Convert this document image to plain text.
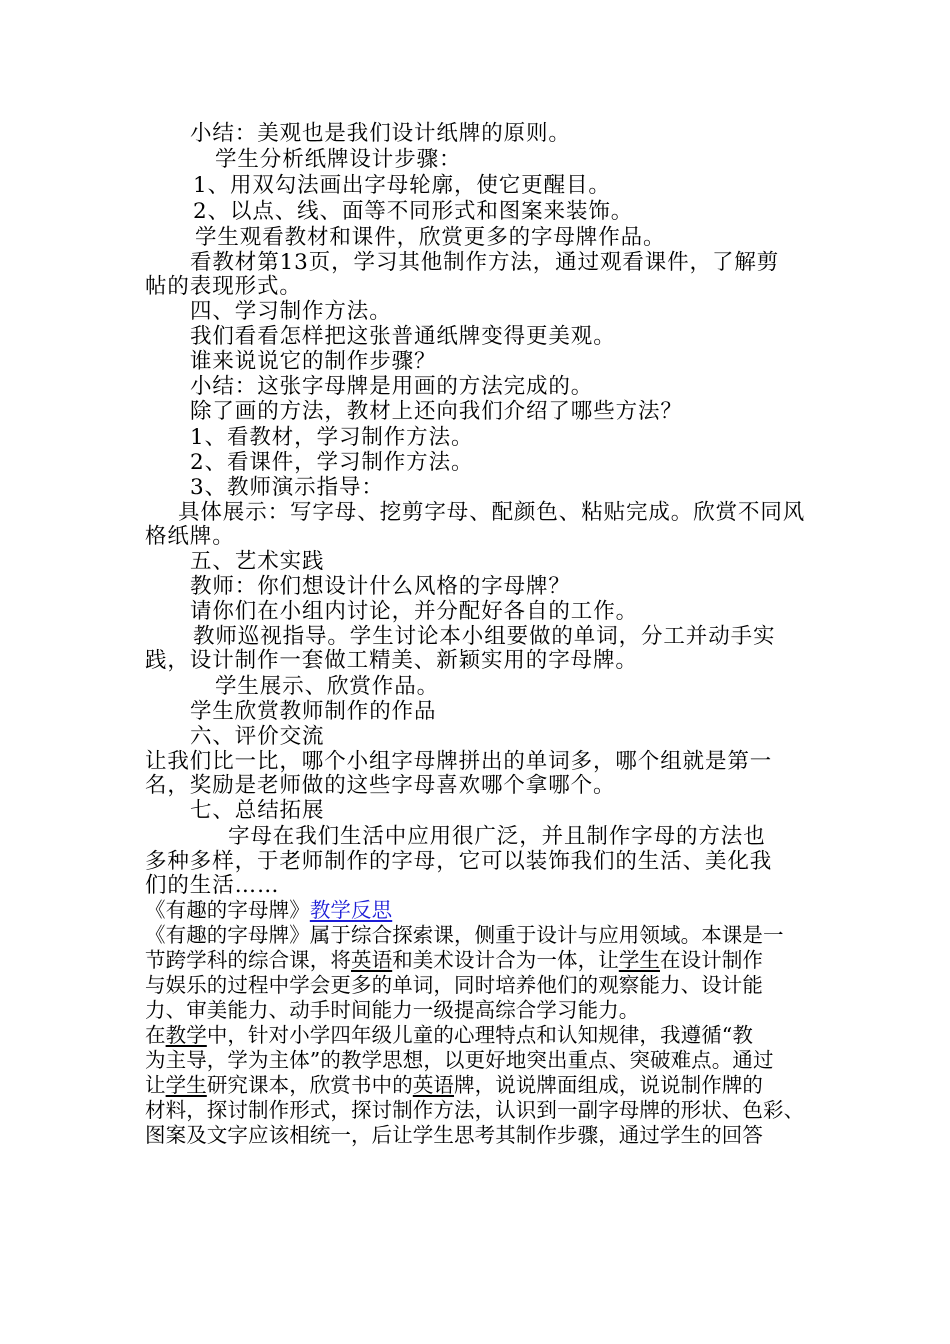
小结：美观也是我们设计纸牌的原则。
学生分析纸牌设计步骤：
1、用双勾法画出字母轮廓，使它更醒目。
2、以点、线、面等不同形式和图案来装饰。
学生观看教材和课件，欣赏更多的字母牌作品。
看教材第13页，学习其他制作方法，通过观看课件，了解剪
帖的表现形式。
四、学习制作方法。
我们看看怎样把这张普通纸牌变得更美观。
谁来说说它的制作步骤？
小结：这张字母牌是用画的方法完成的。
除了画的方法，教材上还向我们介绍了哪些方法？
1、看教材，学习制作方法。
2、看课件，学习制作方法。
3、教师演示指导：
具体展示：写字母、挖剪字母、配颜色、粘贴完成。欣赏不同风
格纸牌。
五、艺术实践
教师：你们想设计什么风格的字母牌？
请你们在小组内讨论，并分配好各自的工作。
教师巡视指导。学生讨论本小组要做的单词，分工并动手实
践，设计制作一套做工精美、新颖实用的字母牌。
学生展示、欣赏作品。
学生欣赏教师制作的作品
六、评价交流
让我们比一比，哪个小组字母牌拼出的单词多，哪个组就是第一
名，奖励是老师做的这些字母喜欢哪个拿哪个。
七、总结拓展
字母在我们生活中应用很广泛，并且制作字母的方法也
多种多样，于老师制作的字母，它可以装饰我们的生活、美化我
们的生活……
《有趣的字母牌》教学反思
《有趣的字母牌》属于综合探索课，侧重于设计与应用领域。本课是一
节跨学科的综合课，将英语和美术设计合为一体，让学生在设计制作
与娱乐的过程中学会更多的单词，同时培养他们的观察能力、设计能
力、审美能力、动手时间能力一级提高综合学习能力。
在教学中，针对小学四年级儿童的心理特点和认知规律，我遵循“教
为主导，学为主体”的教学思想，以更好地突出重点、突破难点。通过
让学生研究课本，欣赏书中的英语牌，说说牌面组成，说说制作牌的
材料，探讨制作形式，探讨制作方法，认识到一副字母牌的形状、色彩、
图案及文字应该相统一，后让学生思考其制作步骤，通过学生的回答
